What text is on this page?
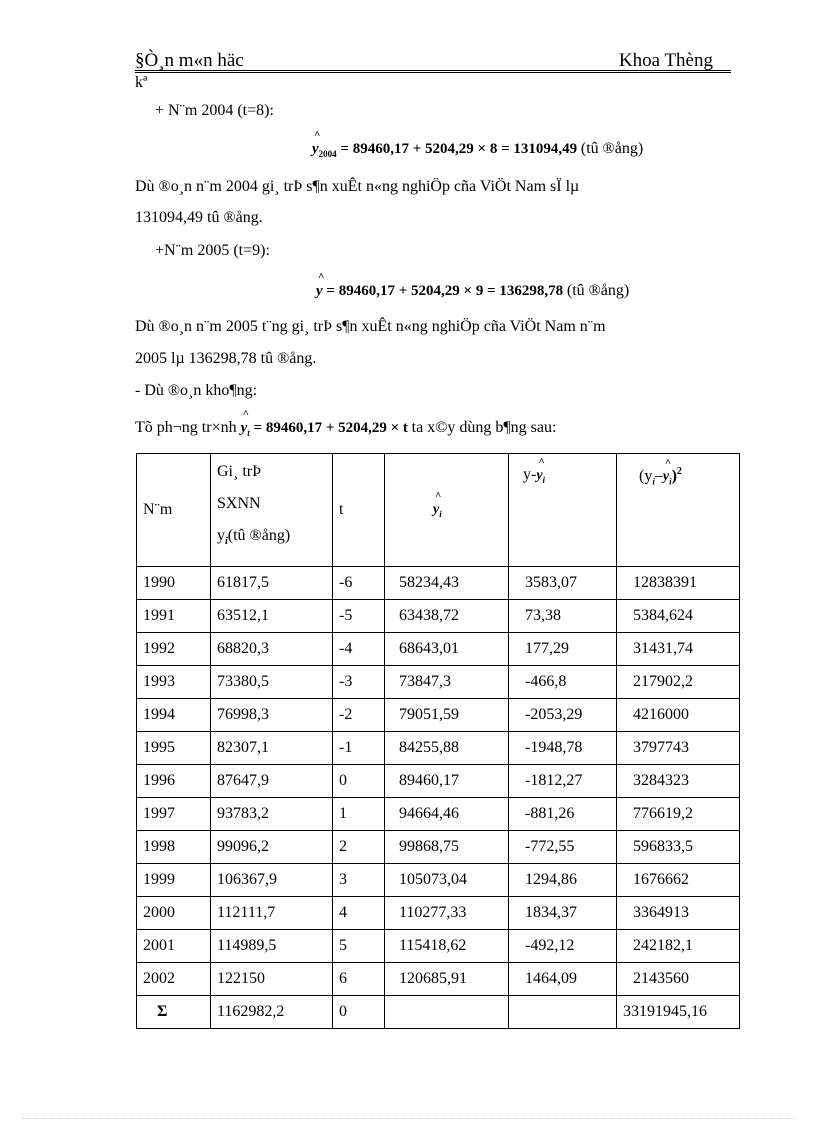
§Ò¸n m«n häc	Khoa Thèng
kª
+ N¨m 2004 (t=8):
^ $y_{2004} = 89460,17 + 5204,29 \times 8 = 131094,49$ (tû ®ång)
Dù ®o¸n n¨m 2004 gi¸ trÞ s¶n xuÊt n«ng nghiÖp cña ViÖt Nam sÏ lµ
131094,49 tû ®ång.
+N¨m 2005 (t=9):
^ y = 89460,17 + 5204,29 × 9 = 136298,78 (tû ®ång)
Dù ®o¸n n¨m 2005 t¨ng gi¸ trÞ s¶n xuÊt n«ng nghiÖp cña ViÖt Nam n¨m
2005 lµ 136298,78 tû ®ång.
- Dù ®o¸n kho¶ng:
Tõ ph¬ng tr×nh ^ $y_t = 89460,17 + 5204,29 \times t$ ta x©y dùng b¶ng sau:
N¨m	Gi¸ trÞ
SXNN
$y_i(tû$ ®ång)	t	^ $y_i$	y-^ $y_i$	($y_i-\^{}$ $y_i)^2$
1990	61817,5	-6	58234,43	3583,07	12838391
1991	63512,1	-5	63438,72	73,38	5384,624
1992	68820,3	-4	68643,01	177,29	31431,74
1993	73380,5	-3	73847,3	-466,8	217902,2
1994	76998,3	-2	79051,59	-2053,29	4216000
1995	82307,1	-1	84255,88	-1948,78	3797743
1996	87647,9	0	89460,17	-1812,27	3284323
1997	93783,2	1	94664,46	-881,26	776619,2
1998	99096,2	2	99868,75	-772,55	596833,5
1999	106367,9	3	105073,04	1294,86	1676662
2000	112111,7	4	110277,33	1834,37	3364913
2001	114989,5	5	115418,62	-492,12	242182,1
2002	122150	6	120685,91	1464,09	2143560
Σ	1162982,2	0			33191945,16
